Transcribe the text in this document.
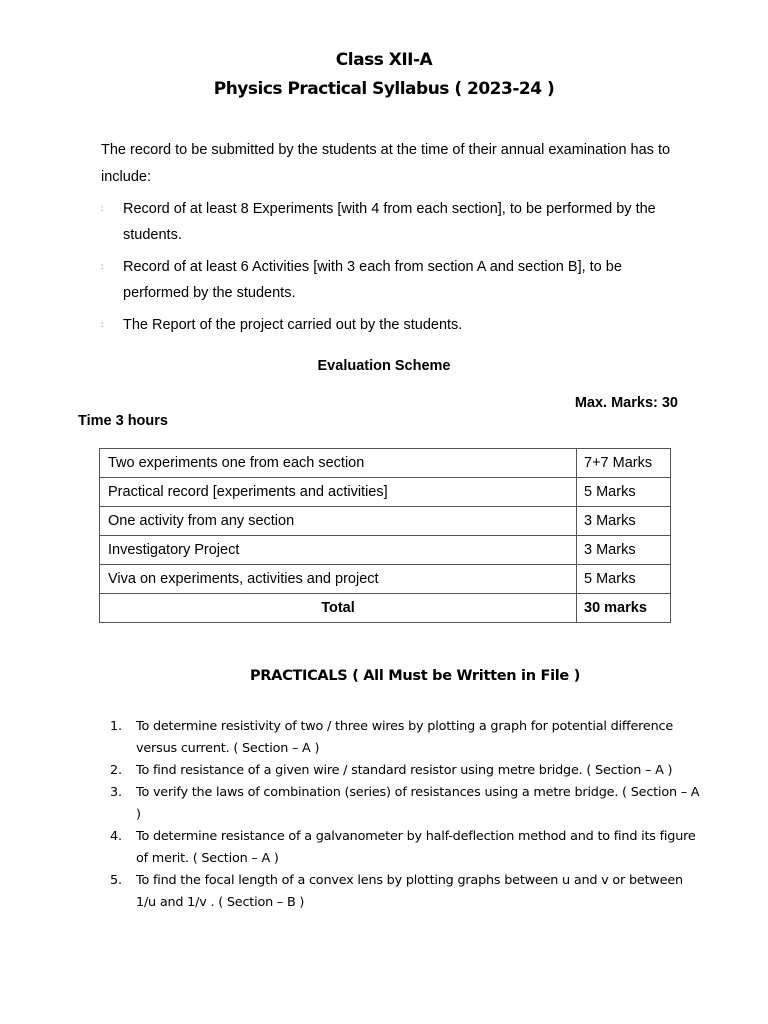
Class XII-A
Physics Practical Syllabus ( 2023-24 )
The record to be submitted by the students at the time of their annual examination has to include:
: Record of at least 8 Experiments [with 4 from each section], to be performed by the students.
: Record of at least 6 Activities [with 3 each from section A and section B], to be performed by the students.
: The Report of the project carried out by the students.
Evaluation Scheme
Max. Marks: 30
Time 3 hours
Two experiments one from each section	7+7 Marks
Practical record [experiments and activities]	5 Marks
One activity from any section	3 Marks
Investigatory Project	3 Marks
Viva on experiments, activities and project	5 Marks
Total	30 marks
PRACTICALS ( All Must be Written in File )
1. To determine resistivity of two / three wires by plotting a graph for potential difference versus current. ( Section – A )
2. To find resistance of a given wire / standard resistor using metre bridge. ( Section – A )
3. To verify the laws of combination (series) of resistances using a metre bridge. ( Section – A )
4. To determine resistance of a galvanometer by half-deflection method and to find its figure of merit. ( Section – A )
5. To find the focal length of a convex lens by plotting graphs between u and v or between 1/u and 1/v . ( Section – B )
